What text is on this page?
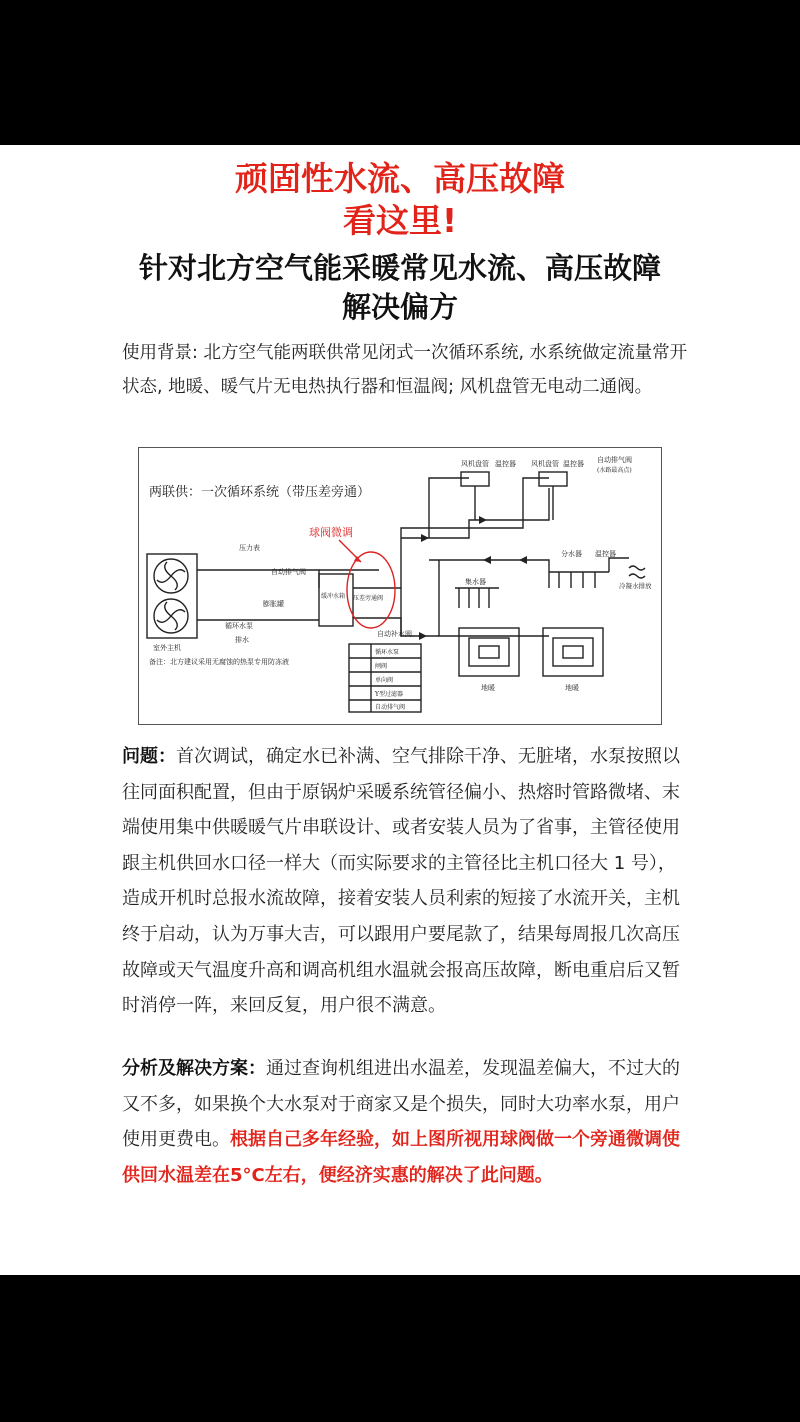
顽固性水流、高压故障
看这里!
针对北方空气能采暖常见水流、高压故障
解决偏方

使用背景: 北方空气能两联供常见闭式一次循环系统, 水系统做定流量常开状态, 地暖、暖气片无电热执行器和恒温阀; 风机盘管无电动二通阀。

两联供：一次循环系统（带压差旁通）
球阀微调
风机盘管 温控器 风机盘管 温控器 自动排气阀
(水路最高点)
压力表
自动排气阀
缓冲水箱
膨胀罐
循环水泵
排水
室外主机
压差旁通阀
自动补水阀
集水器
分水器 温控器
冷凝水排放
地暖	地暖
备注：北方建议采用无腐蚀的热泵专用防冻液
循环水泵
闸阀
单向阀
Y型过滤器
自动排气阀

问题：首次调试，确定水已补满、空气排除干净、无脏堵，水泵按照以往同面积配置，但由于原锅炉采暖系统管径偏小、热熔时管路微堵、末端使用集中供暖暖气片串联设计、或者安装人员为了省事，主管径使用跟主机供回水口径一样大（而实际要求的主管径比主机口径大 1 号），造成开机时总报水流故障，接着安装人员利索的短接了水流开关，主机终于启动，认为万事大吉，可以跟用户要尾款了，结果每周报几次高压故障或天气温度升高和调高机组水温就会报高压故障，断电重启后又暂时消停一阵，来回反复，用户很不满意。

分析及解决方案：通过查询机组进出水温差，发现温差偏大，不过大的又不多，如果换个大水泵对于商家又是个损失，同时大功率水泵，用户使用更费电。根据自己多年经验，如上图所视用球阀做一个旁通微调使供回水温差在5°C左右，便经济实惠的解决了此问题。
